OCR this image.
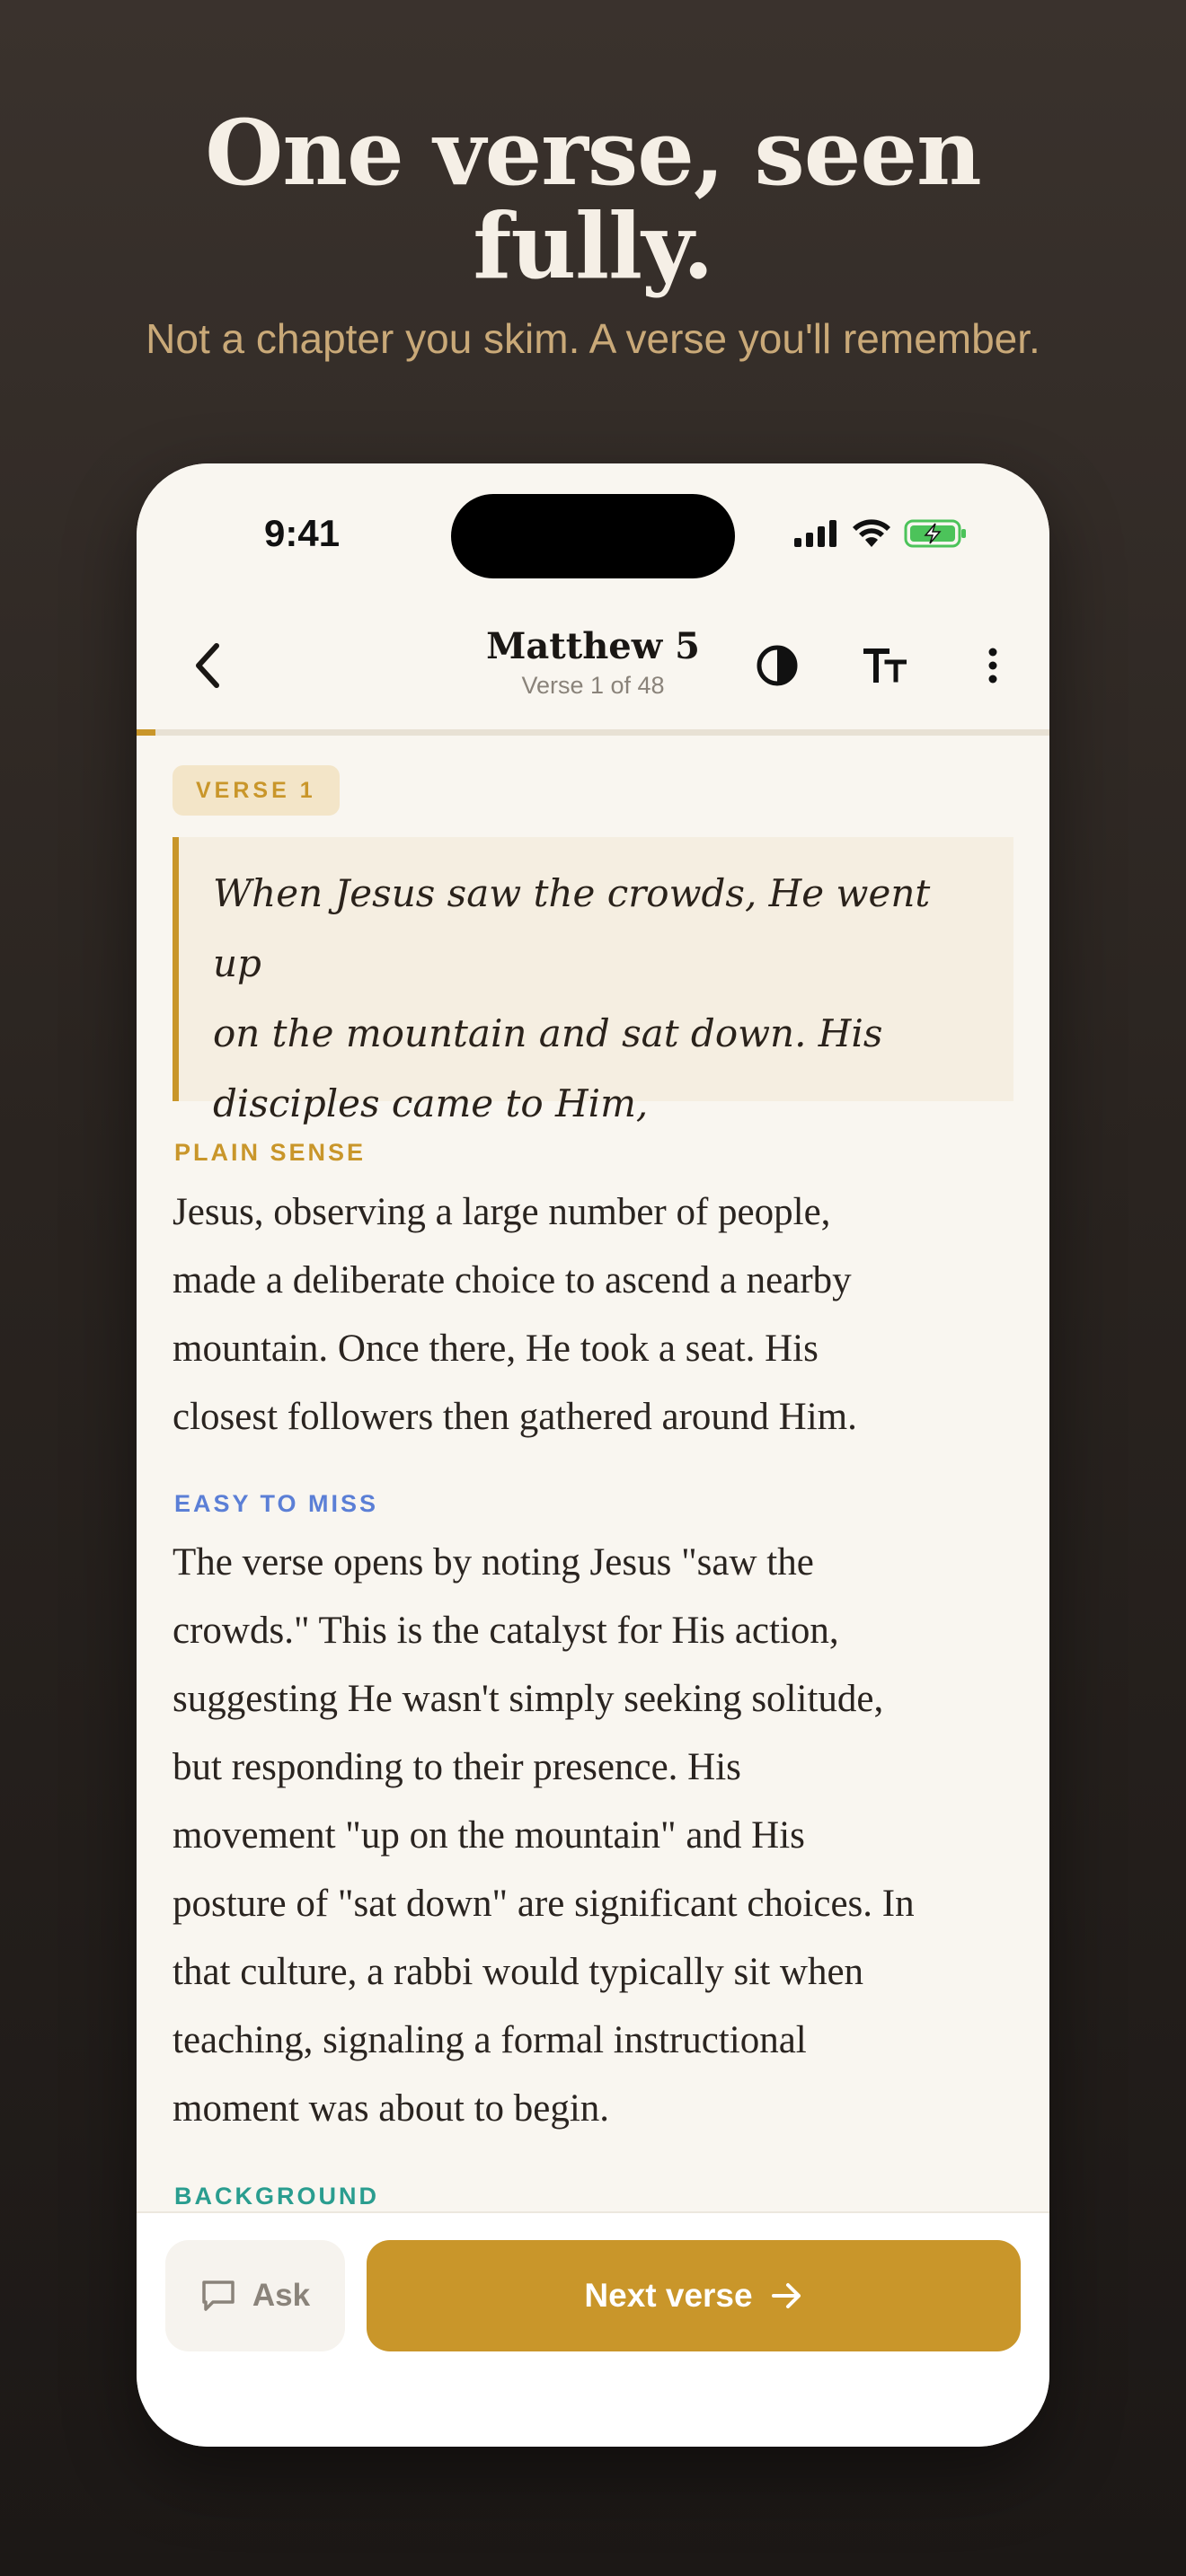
One verse, seen
fully.
Not a chapter you skim. A verse you'll remember.
9:41
Matthew 5
Verse 1 of 48
VERSE 1
When Jesus saw the crowds, He went up
on the mountain and sat down. His
disciples came to Him,
PLAIN SENSE
Jesus, observing a large number of people,
made a deliberate choice to ascend a nearby
mountain. Once there, He took a seat. His
closest followers then gathered around Him.
EASY TO MISS
The verse opens by noting Jesus "saw the
crowds." This is the catalyst for His action,
suggesting He wasn't simply seeking solitude,
but responding to their presence. His
movement "up on the mountain" and His
posture of "sat down" are significant choices. In
that culture, a rabbi would typically sit when
teaching, signaling a formal instructional
moment was about to begin.
BACKGROUND
Ask	Next verse
